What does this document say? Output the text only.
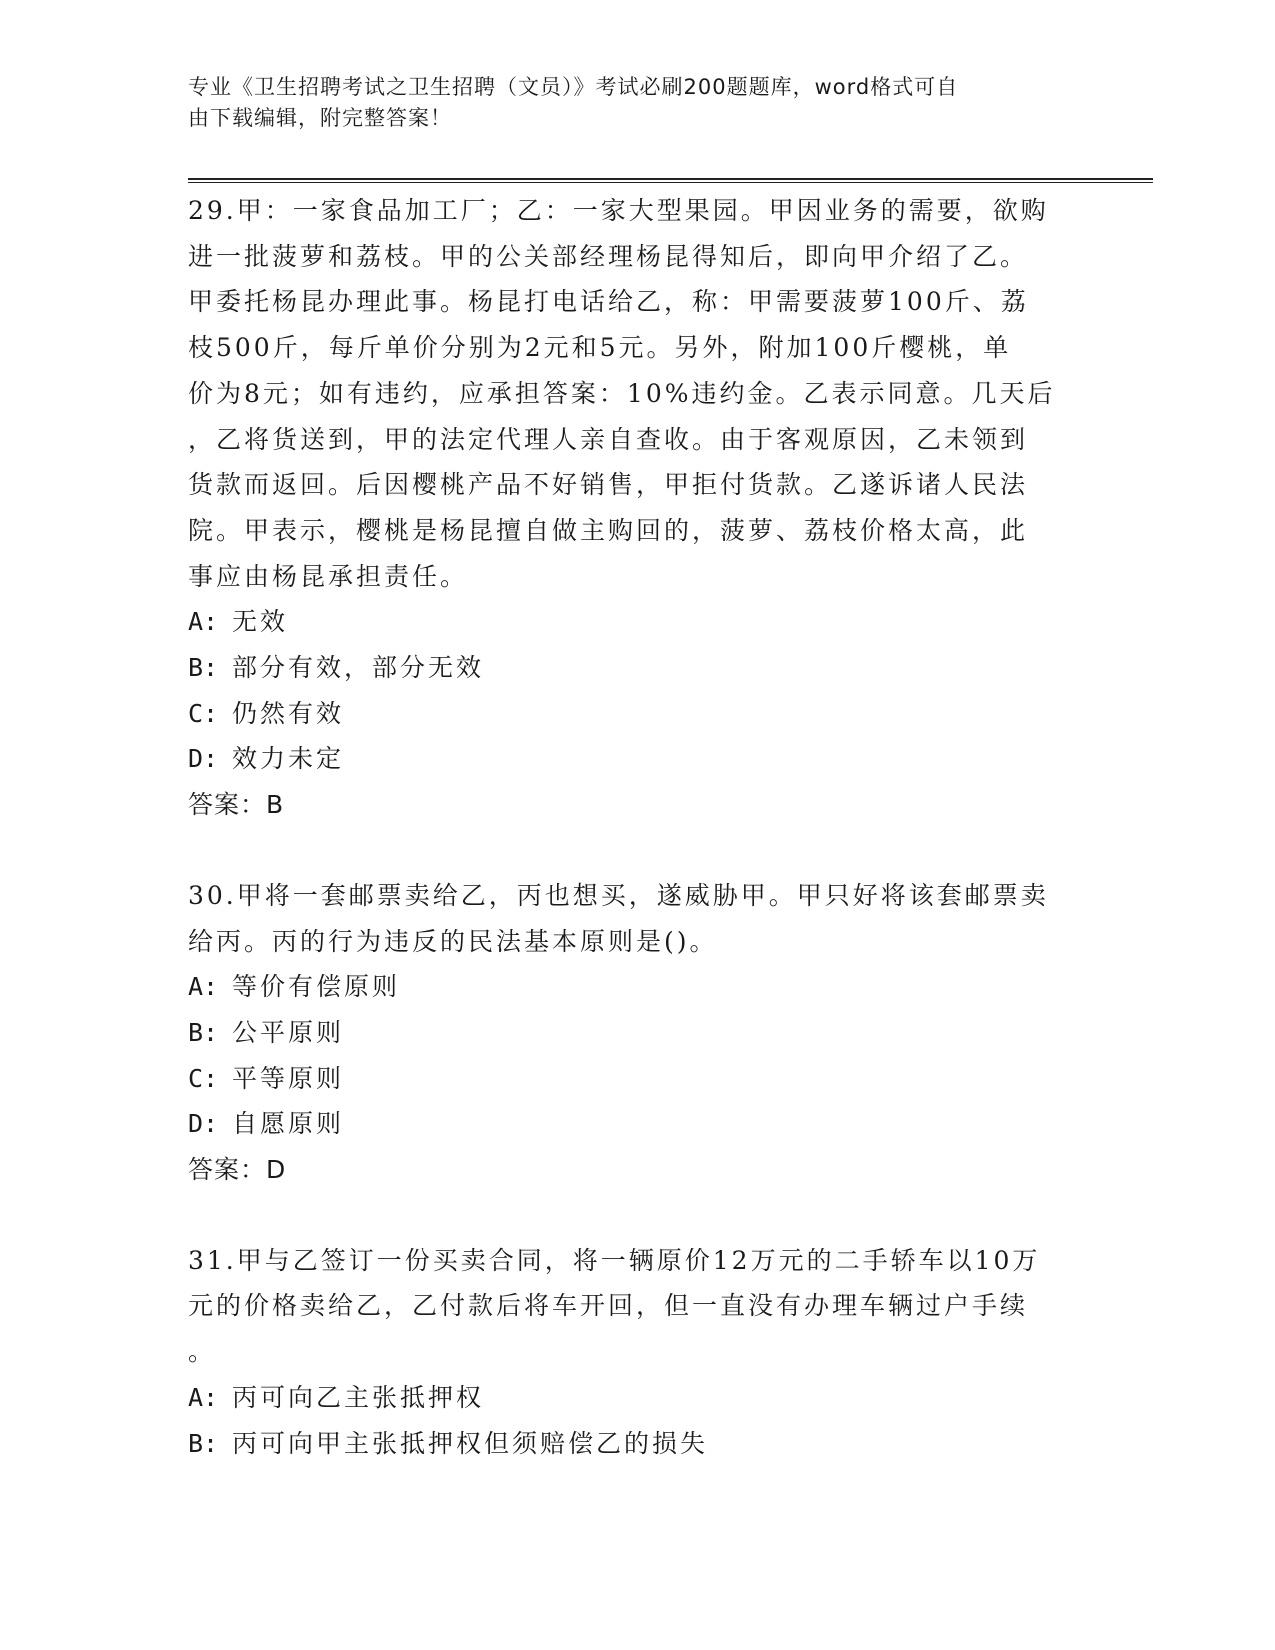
专业《卫生招聘考试之卫生招聘（文员）》考试必刷200题题库，word格式可自
由下载编辑，附完整答案！

29.甲：一家食品加工厂；乙：一家大型果园。甲因业务的需要，欲购

进一批菠萝和荔枝。甲的公关部经理杨昆得知后，即向甲介绍了乙。

甲委托杨昆办理此事。杨昆打电话给乙，称：甲需要菠萝100斤、荔

枝500斤，每斤单价分别为2元和5元。另外，附加100斤樱桃，单

价为8元；如有违约，应承担答案：10%违约金。乙表示同意。几天后

，乙将货送到，甲的法定代理人亲自查收。由于客观原因，乙未领到

货款而返回。后因樱桃产品不好销售，甲拒付货款。乙遂诉诸人民法

院。甲表示，樱桃是杨昆擅自做主购回的，菠萝、荔枝价格太高，此

事应由杨昆承担责任。

A: 无效

B: 部分有效，部分无效

C: 仍然有效

D: 效力未定

答案：B

30.甲将一套邮票卖给乙，丙也想买，遂威胁甲。甲只好将该套邮票卖

给丙。丙的行为违反的民法基本原则是()。

A: 等价有偿原则

B: 公平原则

C: 平等原则

D: 自愿原则

答案：D

31.甲与乙签订一份买卖合同，将一辆原价12万元的二手轿车以10万

元的价格卖给乙，乙付款后将车开回，但一直没有办理车辆过户手续

。

A: 丙可向乙主张抵押权

B: 丙可向甲主张抵押权但须赔偿乙的损失
